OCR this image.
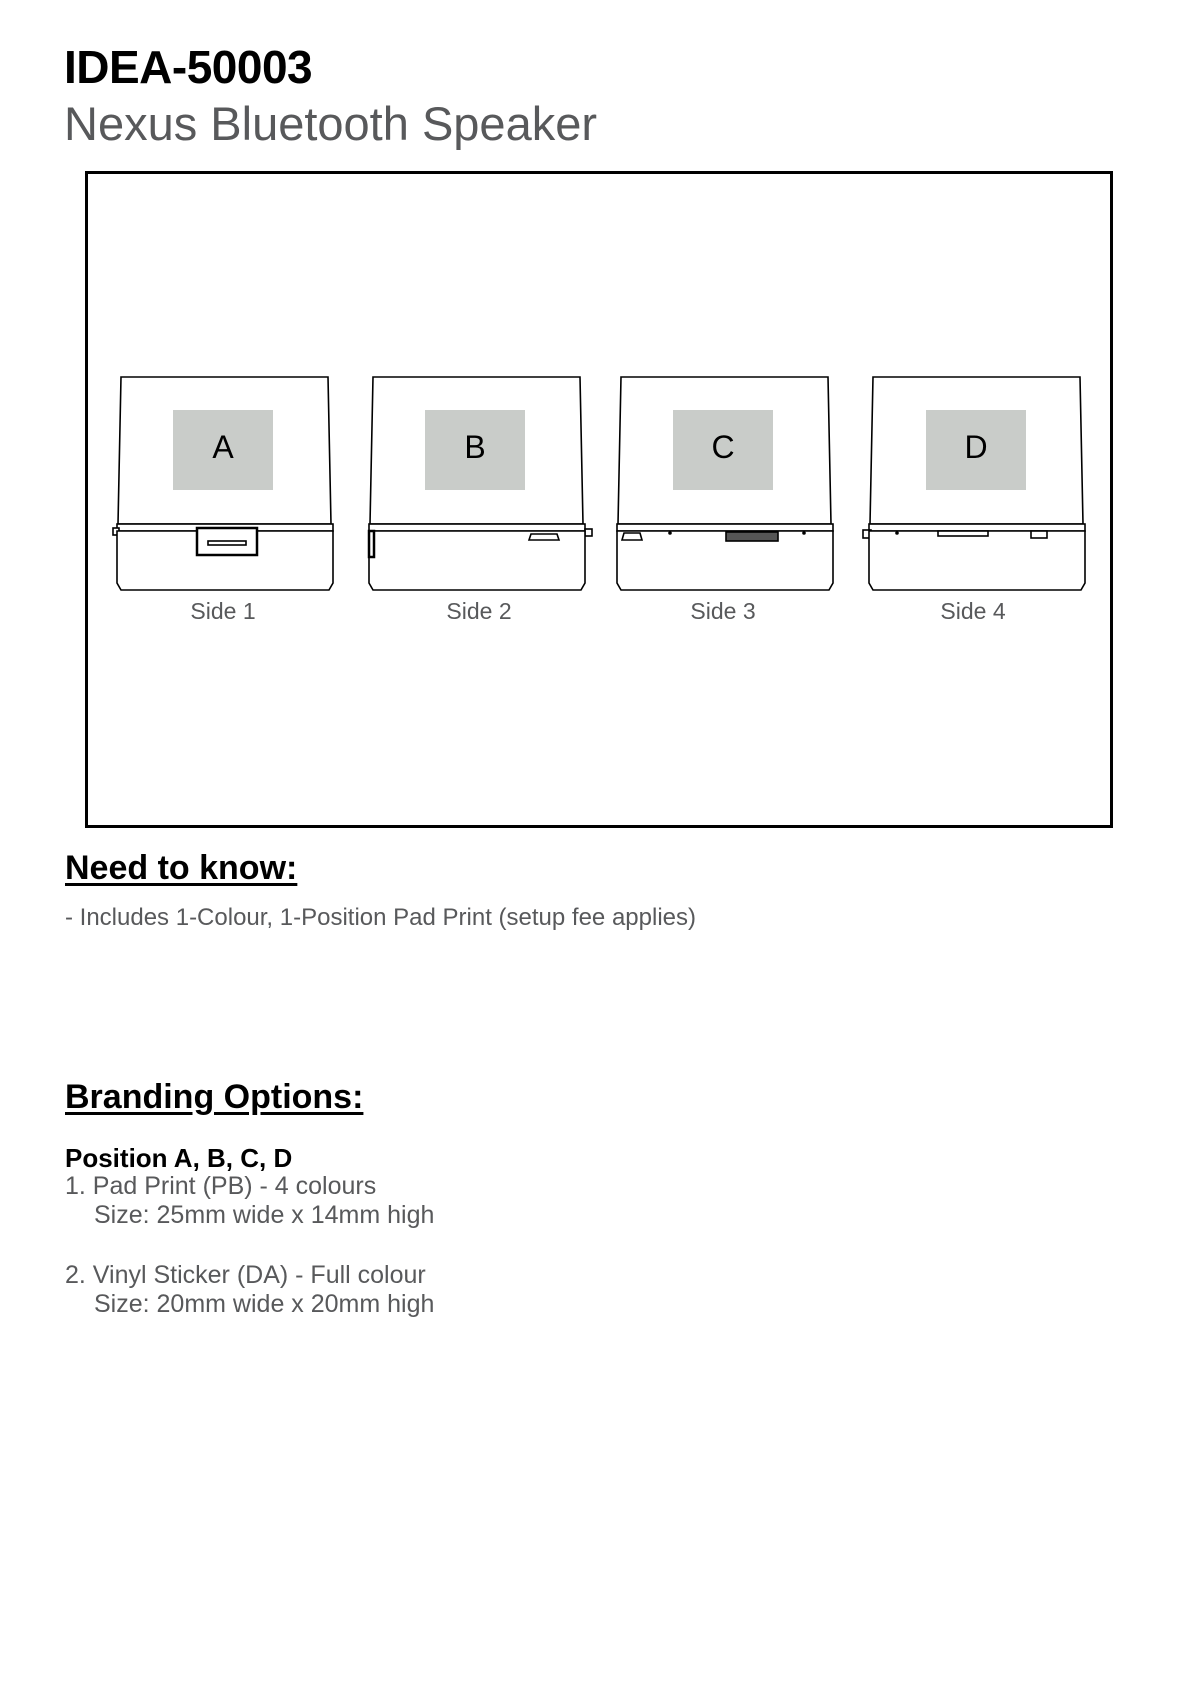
IDEA-50003
Nexus Bluetooth Speaker
A	B	C	D
Side 1	Side 2	Side 3	Side 4
Need to know:

- Includes 1-Colour, 1-Position Pad Print (setup fee applies)

Branding Options:

Position A, B, C, D

1. Pad Print (PB) - 4 colours

Size: 25mm wide x 14mm high

2. Vinyl Sticker (DA) - Full colour

Size: 20mm wide x 20mm high
